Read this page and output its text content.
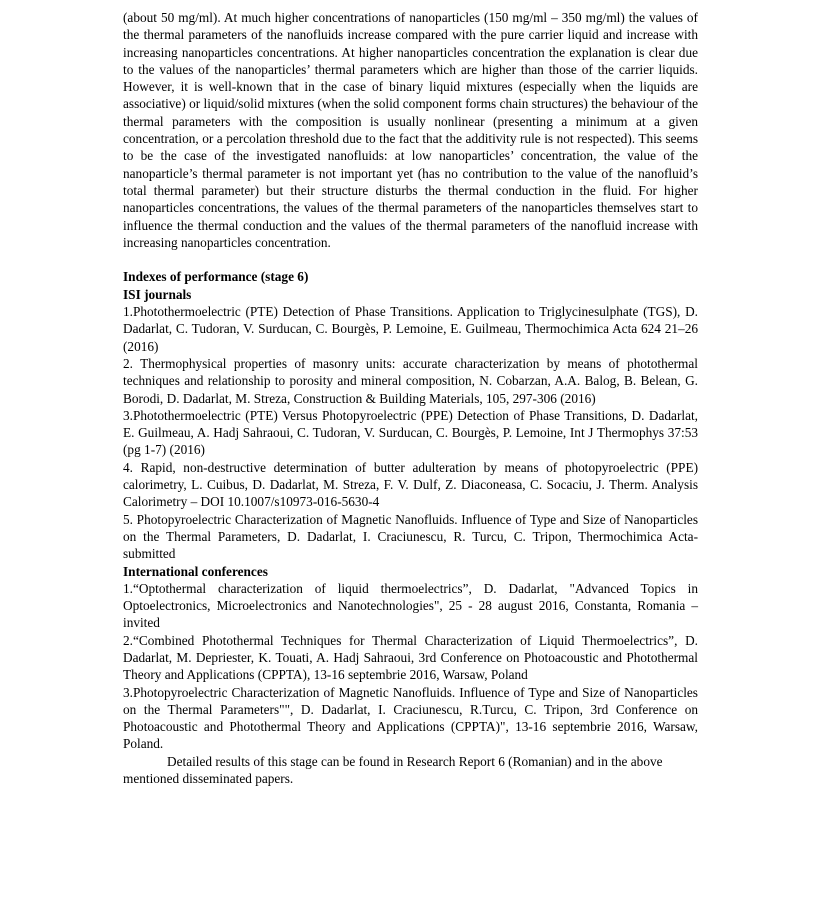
(about 50 mg/ml). At much higher concentrations of nanoparticles (150 mg/ml – 350 mg/ml) the values of the thermal parameters of the nanofluids increase compared with the pure carrier liquid and increase with increasing nanoparticles concentrations. At higher nanoparticles concentration the explanation is clear due to the values of the nanoparticles’ thermal parameters which are higher than those of the carrier liquids. However, it is well-known that in the case of binary liquid mixtures (especially when the liquids are associative) or liquid/solid mixtures (when the solid component forms chain structures) the behaviour of the thermal parameters with the composition is usually nonlinear (presenting a minimum at a given concentration, or a percolation threshold due to the fact that the additivity rule is not respected). This seems to be the case of the investigated nanofluids: at low nanoparticles’ concentration, the value of the nanoparticle’s thermal parameter is not important yet (has no contribution to the value of the nanofluid’s total thermal parameter) but their structure disturbs the thermal conduction in the fluid. For higher nanoparticles concentrations, the values of the thermal parameters of the nanoparticles themselves start to influence the thermal conduction and the values of the thermal parameters of the nanofluid increase with increasing nanoparticles concentration.

Indexes of performance (stage 6)

ISI journals

1.Photothermoelectric (PTE) Detection of Phase Transitions. Application to Triglycinesulphate (TGS), D. Dadarlat, C. Tudoran, V. Surducan, C. Bourgès, P. Lemoine, E. Guilmeau, Thermochimica Acta 624 21–26 (2016)

2. Thermophysical properties of masonry units: accurate characterization by means of photothermal techniques and relationship to porosity and mineral composition, N. Cobarzan, A.A. Balog, B. Belean, G. Borodi, D. Dadarlat, M. Streza, Construction & Building Materials, 105, 297-306 (2016)

3.Photothermoelectric (PTE) Versus Photopyroelectric (PPE) Detection of Phase Transitions, D. Dadarlat, E. Guilmeau, A. Hadj Sahraoui, C. Tudoran, V. Surducan, C. Bourgès, P. Lemoine, Int J Thermophys 37:53 (pg 1-7) (2016)

4. Rapid, non-destructive determination of butter adulteration by means of photopyroelectric (PPE) calorimetry, L. Cuibus, D. Dadarlat, M. Streza, F. V. Dulf, Z. Diaconeasa, C. Socaciu, J. Therm. Analysis Calorimetry – DOI 10.1007/s10973-016-5630-4

5. Photopyroelectric Characterization of Magnetic Nanofluids. Influence of Type and Size of Nanoparticles on the Thermal Parameters, D. Dadarlat, I. Craciunescu, R. Turcu, C. Tripon, Thermochimica Acta- submitted

International conferences

1.“Optothermal characterization of liquid thermoelectrics”, D. Dadarlat, "Advanced Topics in Optoelectronics, Microelectronics and Nanotechnologies", 25 - 28 august 2016, Constanta, Romania – invited

2.“Combined Photothermal Techniques for Thermal Characterization of Liquid Thermoelectrics”, D. Dadarlat, M. Depriester, K. Touati, A. Hadj Sahraoui, 3rd Conference on Photoacoustic and Photothermal Theory and Applications (CPPTA), 13-16 septembrie 2016, Warsaw, Poland

3.Photopyroelectric Characterization of Magnetic Nanofluids. Influence of Type and Size of Nanoparticles on the Thermal Parameters"", D. Dadarlat, I. Craciunescu, R.Turcu, C. Tripon, 3rd Conference on Photoacoustic and Photothermal Theory and Applications (CPPTA)", 13-16 septembrie 2016, Warsaw, Poland.

Detailed results of this stage can be found in Research Report 6 (Romanian) and in the above mentioned disseminated papers.
